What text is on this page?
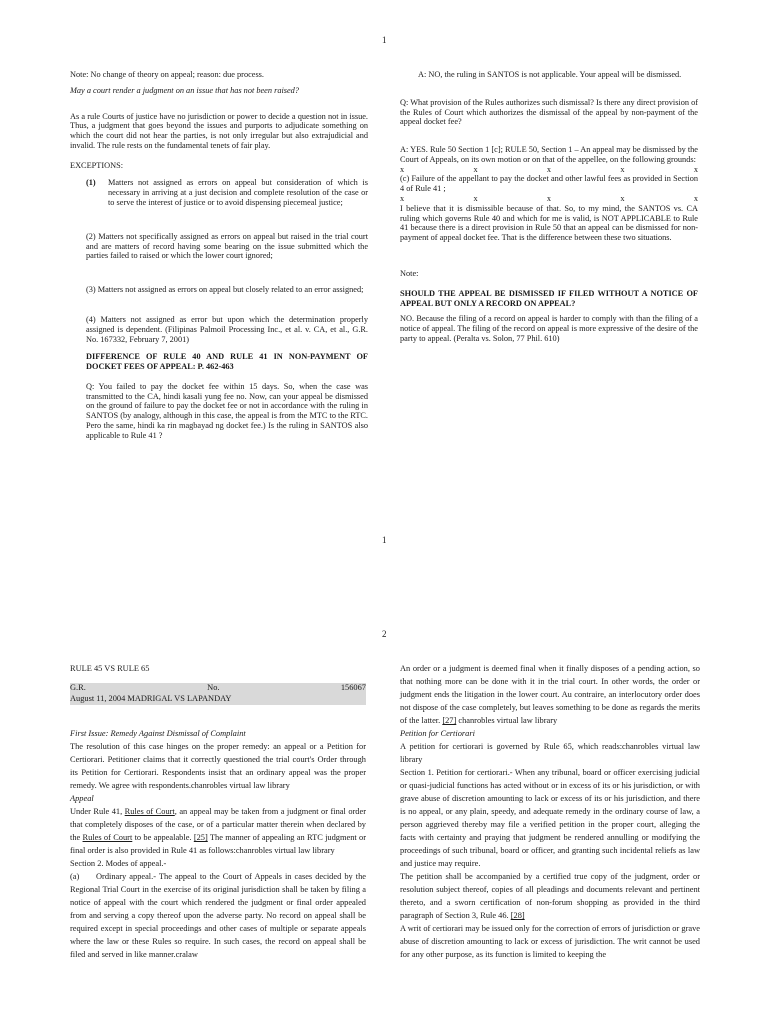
1

Note: No change of theory on appeal; reason: due process.

May a court render a judgment on an issue that has not been raised?

As a rule Courts of justice have no jurisdiction or power to decide a question not in issue. Thus, a judgment that goes beyond the issues and purports to adjudicate something on which the court did not hear the parties, is not only irregular but also extrajudicial and invalid. The rule rests on the fundamental tenets of fair play.

EXCEPTIONS:

(1)	Matters not assigned as errors on appeal but consideration of which is necessary in arriving at a just decision and complete resolution of the case or to serve the interest of justice or to avoid dispensing piecemeal justice;

(2) Matters not specifically assigned as errors on appeal but raised in the trial court and are matters of record having some bearing on the issue submitted which the parties failed to raised or which the lower court ignored;

(3) Matters not assigned as errors on appeal but closely related to an error assigned;

(4) Matters not assigned as error but upon which the determination properly assigned is dependent. (Filipinas Palmoil Processing Inc., et al. v. CA, et al., G.R. No. 167332, February 7, 2001)

DIFFERENCE OF RULE 40 AND RULE 41 IN NON-PAYMENT OF DOCKET FEES OF APPEAL: P. 462-463

Q: You failed to pay the docket fee within 15 days. So, when the case was transmitted to the CA, hindi kasali yung fee no. Now, can your appeal be dismissed on the ground of failure to pay the docket fee or not in accordance with the ruling in SANTOS (by analogy, although in this case, the appeal is from the MTC to the RTC. Pero the same, hindi ka rin magbayad ng docket fee.) Is the ruling in SANTOS also applicable to Rule 41 ?

A: NO, the ruling in SANTOS is not applicable. Your appeal will be dismissed.

Q: What provision of the Rules authorizes such dismissal? Is there any direct provision of the Rules of Court which authorizes the dismissal of the appeal by non-payment of the appeal docket fee?

A: YES. Rule 50 Section 1 [c]; RULE 50, Section 1 – An appeal may be dismissed by the Court of Appeals, on its own motion or on that of the appellee, on the following grounds:

x x x x x

(c) Failure of the appellant to pay the docket and other lawful fees as provided in Section 4 of Rule 41 ;

x x x x x

I believe that it is dismissible because of that. So, to my mind, the SANTOS vs. CA ruling which governs Rule 40 and which for me is valid, is NOT APPLICABLE to Rule 41 because there is a direct provision in Rule 50 that an appeal can be dismissed for non-payment of appeal docket fee. That is the difference between these two situations.

Note:

SHOULD THE APPEAL BE DISMISSED IF FILED WITHOUT A NOTICE OF APPEAL BUT ONLY A RECORD ON APPEAL?

NO. Because the filing of a record on appeal is harder to comply with than the filing of a notice of appeal. The filing of the record on appeal is more expressive of the desire of the party to appeal. (Peralta vs. Solon, 77 Phil. 610)

1
2

RULE 45 VS RULE 65

G.R. No. 156067

August 11, 2004 MADRIGAL VS LAPANDAY

First Issue: Remedy Against Dismissal of Complaint

The resolution of this case hinges on the proper remedy: an appeal or a Petition for Certiorari. Petitioner claims that it correctly questioned the trial court's Order through its Petition for Certiorari. Respondents insist that an ordinary appeal was the proper remedy. We agree with respondents.chanrobles virtual law library

Appeal

Under Rule 41, Rules of Court, an appeal may be taken from a judgment or final order that completely disposes of the case, or of a particular matter therein when declared by the Rules of Court to be appealable. [25] The manner of appealing an RTC judgment or final order is also provided in Rule 41 as follows:chanrobles virtual law library

Section 2. Modes of appeal.-

(a)	Ordinary appeal.- The appeal to the Court of Appeals in cases decided by the Regional Trial Court in the exercise of its original jurisdiction shall be taken by filing a notice of appeal with the court which rendered the judgment or final order appealed from and serving a copy thereof upon the adverse party. No record on appeal shall be required except in special proceedings and other cases of multiple or separate appeals where the law or these Rules so require. In such cases, the record on appeal shall be filed and served in like manner.cralaw

An order or a judgment is deemed final when it finally disposes of a pending action, so that nothing more can be done with it in the trial court. In other words, the order or judgment ends the litigation in the lower court. Au contraire, an interlocutory order does not dispose of the case completely, but leaves something to be done as regards the merits of the latter. [27] chanrobles virtual law library

Petition for Certiorari

A petition for certiorari is governed by Rule 65, which reads:chanrobles virtual law library

Section 1. Petition for certiorari.- When any tribunal, board or officer exercising judicial or quasi-judicial functions has acted without or in excess of its or his jurisdiction, or with grave abuse of discretion amounting to lack or excess of its or his jurisdiction, and there is no appeal, or any plain, speedy, and adequate remedy in the ordinary course of law, a person aggrieved thereby may file a verified petition in the proper court, alleging the facts with certainty and praying that judgment be rendered annulling or modifying the proceedings of such tribunal, board or officer, and granting such incidental reliefs as law and justice may require.

The petition shall be accompanied by a certified true copy of the judgment, order or resolution subject thereof, copies of all pleadings and documents relevant and pertinent thereto, and a sworn certification of non-forum shopping as provided in the third paragraph of Section 3, Rule 46. [28]

A writ of certiorari may be issued only for the correction of errors of jurisdiction or grave abuse of discretion amounting to lack or excess of jurisdiction. The writ cannot be used for any other purpose, as its function is limited to keeping the
